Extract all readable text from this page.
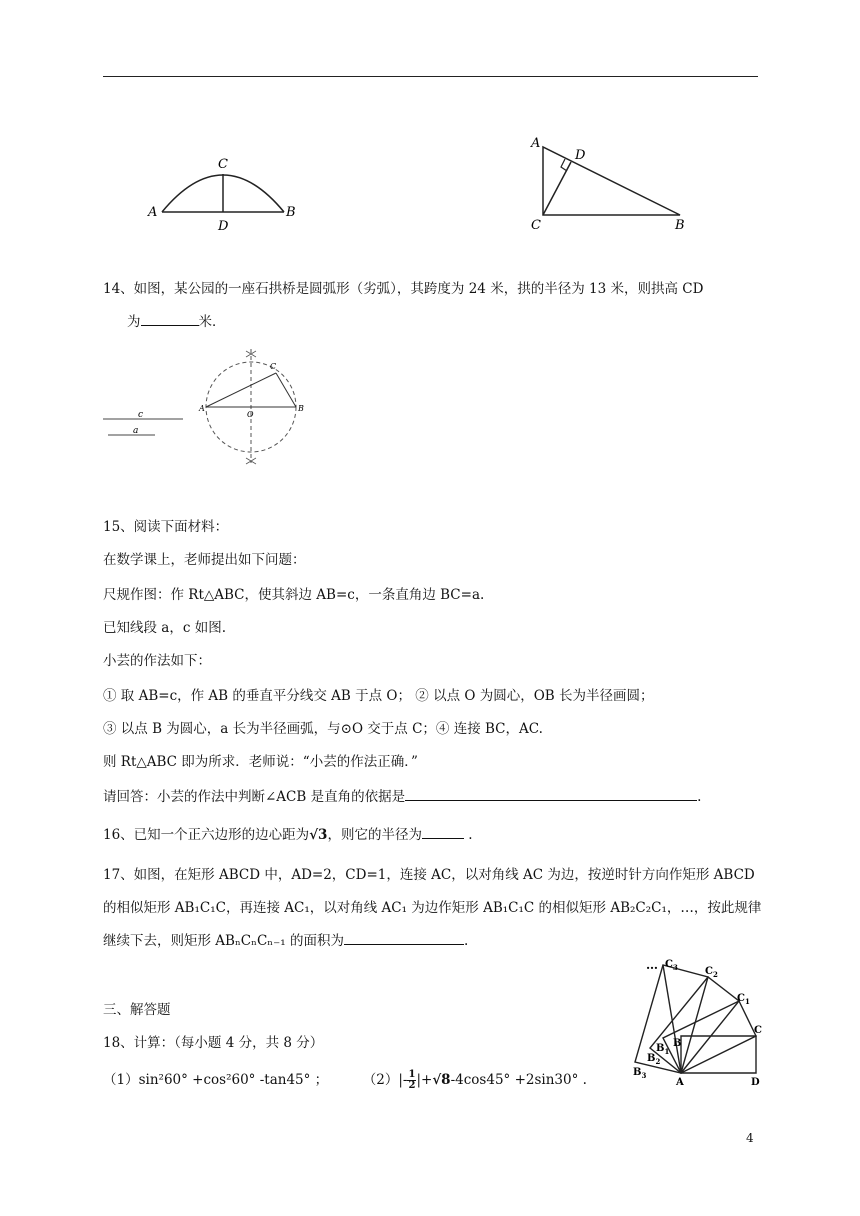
A
C
D
B
A
D
C	B
14、如图，某公园的一座石拱桥是圆弧形（劣弧），其跨度为 24 米，拱的半径为 13 米，则拱高 CD
为	米．
c
a
A	B
C
O
15、阅读下面材料：
在数学课上，老师提出如下问题：
尺规作图：作 Rt△ABC，使其斜边 AB=c，一条直角边 BC=a.
已知线段 a，c 如图.
小芸的作法如下：
① 取 AB=c，作 AB 的垂直平分线交 AB 于点 O； ② 以点 O 为圆心，OB 长为半径画圆；
③ 以点 B 为圆心，a 长为半径画弧，与⊙O 交于点 C；④ 连接 BC，AC.
则 Rt△ABC 即为所求．老师说：“小芸的作法正确．”
请回答：小芸的作法中判断∠ACB 是直角的依据是	.
16、已知一个正六边形的边心距为√3，则它的半径为	.
17、如图，在矩形 ABCD 中，AD=2，CD=1，连接 AC，以对角线 AC 为边，按逆时针方向作矩形 ABCD
的相似矩形 AB₁C₁C，再连接 AC₁，以对角线 AC₁ 为边作矩形 AB₁C₁C 的相似矩形 AB₂C₂C₁，…，按此规律
继续下去，则矩形 ABₙCₙCₙ₋₁ 的面积为	.
… $C_3$	$C_2$
$C_1$
C
B
$B_1$
$B_2$
$B_3$
A	D
三、解答题
18、计算：（每小题 4 分，共 8 分）
（1）sin²60° +cos²60° -tan45° ；	$(2)|- \frac{1}{2} |+√8-4\cos 45^\circ +2\sin 30^\circ$ .
4
